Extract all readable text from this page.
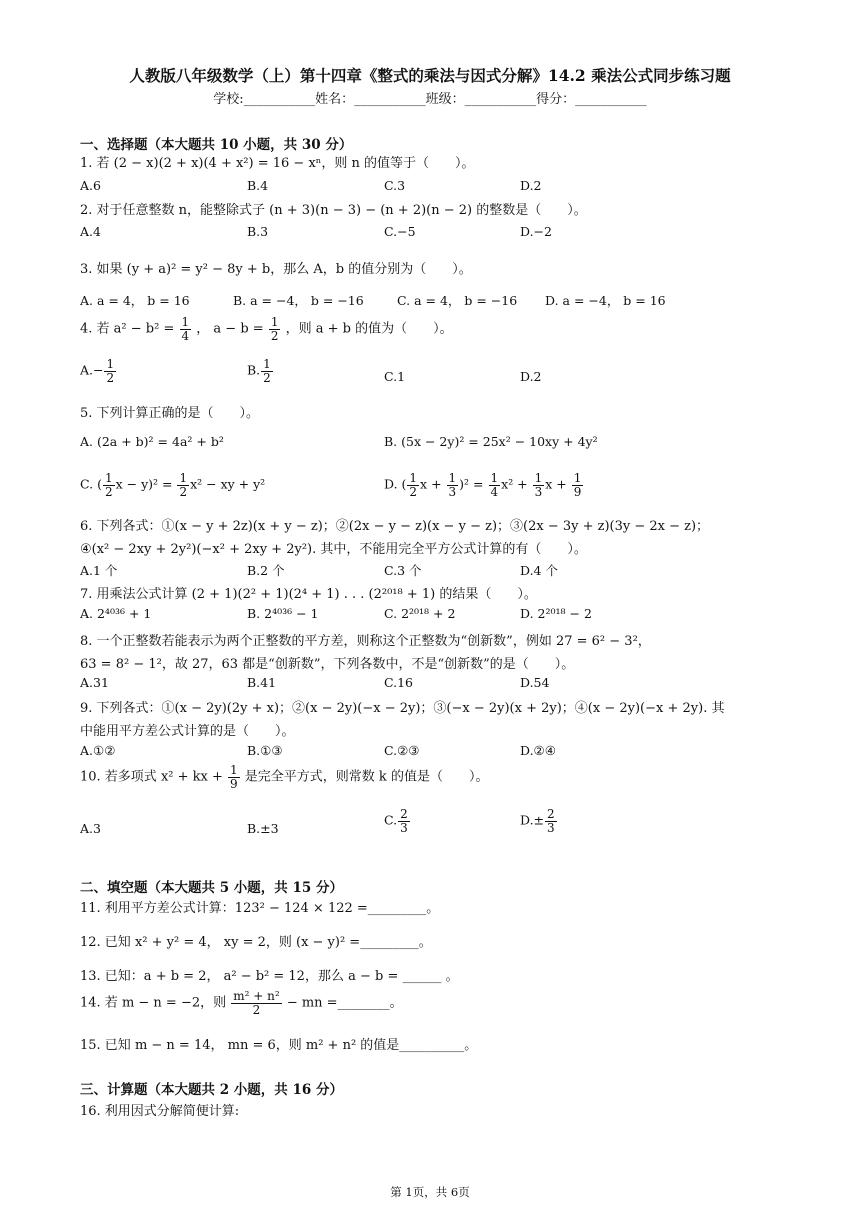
人教版八年级数学（上）第十四章《整式的乘法与因式分解》14.2 乘法公式同步练习题
学校:___________姓名：___________班级：___________得分：___________
一、选择题（本大题共 10 小题，共 30 分）
1. 若 (2 − x)(2 + x)(4 + x²) = 16 − xⁿ，则 n 的值等于（　　）。
A.6	B.4	C.3	D.2
2. 对于任意整数 n，能整除式子 (n + 3)(n − 3) − (n + 2)(n − 2) 的整数是（　　）。
A.4	B.3	C.−5	D.−2
3. 如果 (y + a)² = y² − 8y + b，那么 A，b 的值分别为（　　）。
A. a = 4， b = 16	B. a = −4， b = −16	C. a = 4， b = −16 D. a = −4， b = 16
4. 若 $a^2 - b^2 = \frac{1}{4}$ ， $a - b = \frac{1}{2}$ ，则 a + b 的值为（　　）。
$A.- \frac{1}{2}$	B. $\frac{1}{2}$	C.1	D.2
5. 下列计算正确的是（　　）。
A. (2a + b)² = 4a² + b²	B. (5x − 2y)² = 25x² − 10xy + 4y²
C. ( $\frac{1}{2}$ $x - y)^2 = \frac{1}{2} x^2$ − xy + y²	D. ( $\frac{1}{2}$ $x + \frac{1}{3} )^2 = \frac{1}{4} x^2 + \frac{1}{3}$ $x + \frac{1}{9}$
6. 下列各式：①(x − y + 2z)(x + y − z)；②(2x − y − z)(x − y − z)；③(2x − 3y + z)(3y − 2x − z)；
④(x² − 2xy + 2y²)(−x² + 2xy + 2y²). 其中，不能用完全平方公式计算的有（　　）。
A.1 个	B.2 个	C.3 个	D.4 个
7. 用乘法公式计算 (2 + 1)(2² + 1)(2⁴ + 1) . . . (2²⁰¹⁸ + 1) 的结果（　　）。
A. 2⁴⁰³⁶ + 1	B. 2⁴⁰³⁶ − 1	C. 2²⁰¹⁸ + 2	D. 2²⁰¹⁸ − 2
8. 一个正整数若能表示为两个正整数的平方差，则称这个正整数为“创新数”，例如 27 = 6² − 3²，
63 = 8² − 1²，故 27，63 都是“创新数”，下列各数中，不是“创新数”的是（　　）。
A.31	B.41	C.16	D.54
9. 下列各式：①(x − 2y)(2y + x)；②(x − 2y)(−x − 2y)；③(−x − 2y)(x + 2y)；④(x − 2y)(−x + 2y). 其
中能用平方差公式计算的是（　　）。
A.①②	B.①③	C.②③	D.②④
10. 若多项式 x² + kx + $\frac{1}{9}$ 是完全平方式，则常数 k 的值是（　　）。
A.3	B.±3
C. $\frac{2}{3}$	$D.\pm \frac{2}{3}$
二、填空题（本大题共 5 小题，共 15 分）
11. 利用平方差公式计算：123² − 124 × 122 =_________。
12. 已知 x² + y² = 4， xy = 2，则 (x − y)² =_________。
13. 已知：a + b = 2， a² − b² = 12，那么 a − b = ______ 。
14. 若 m − n = −2，则 $\frac{\text{m² + n²}}{2}$ − mn =________。
15. 已知 m − n = 14， mn = 6，则 m² + n² 的值是__________。
三、计算题（本大题共 2 小题，共 16 分）
16. 利用因式分解简便计算:
第 1页，共 6页
